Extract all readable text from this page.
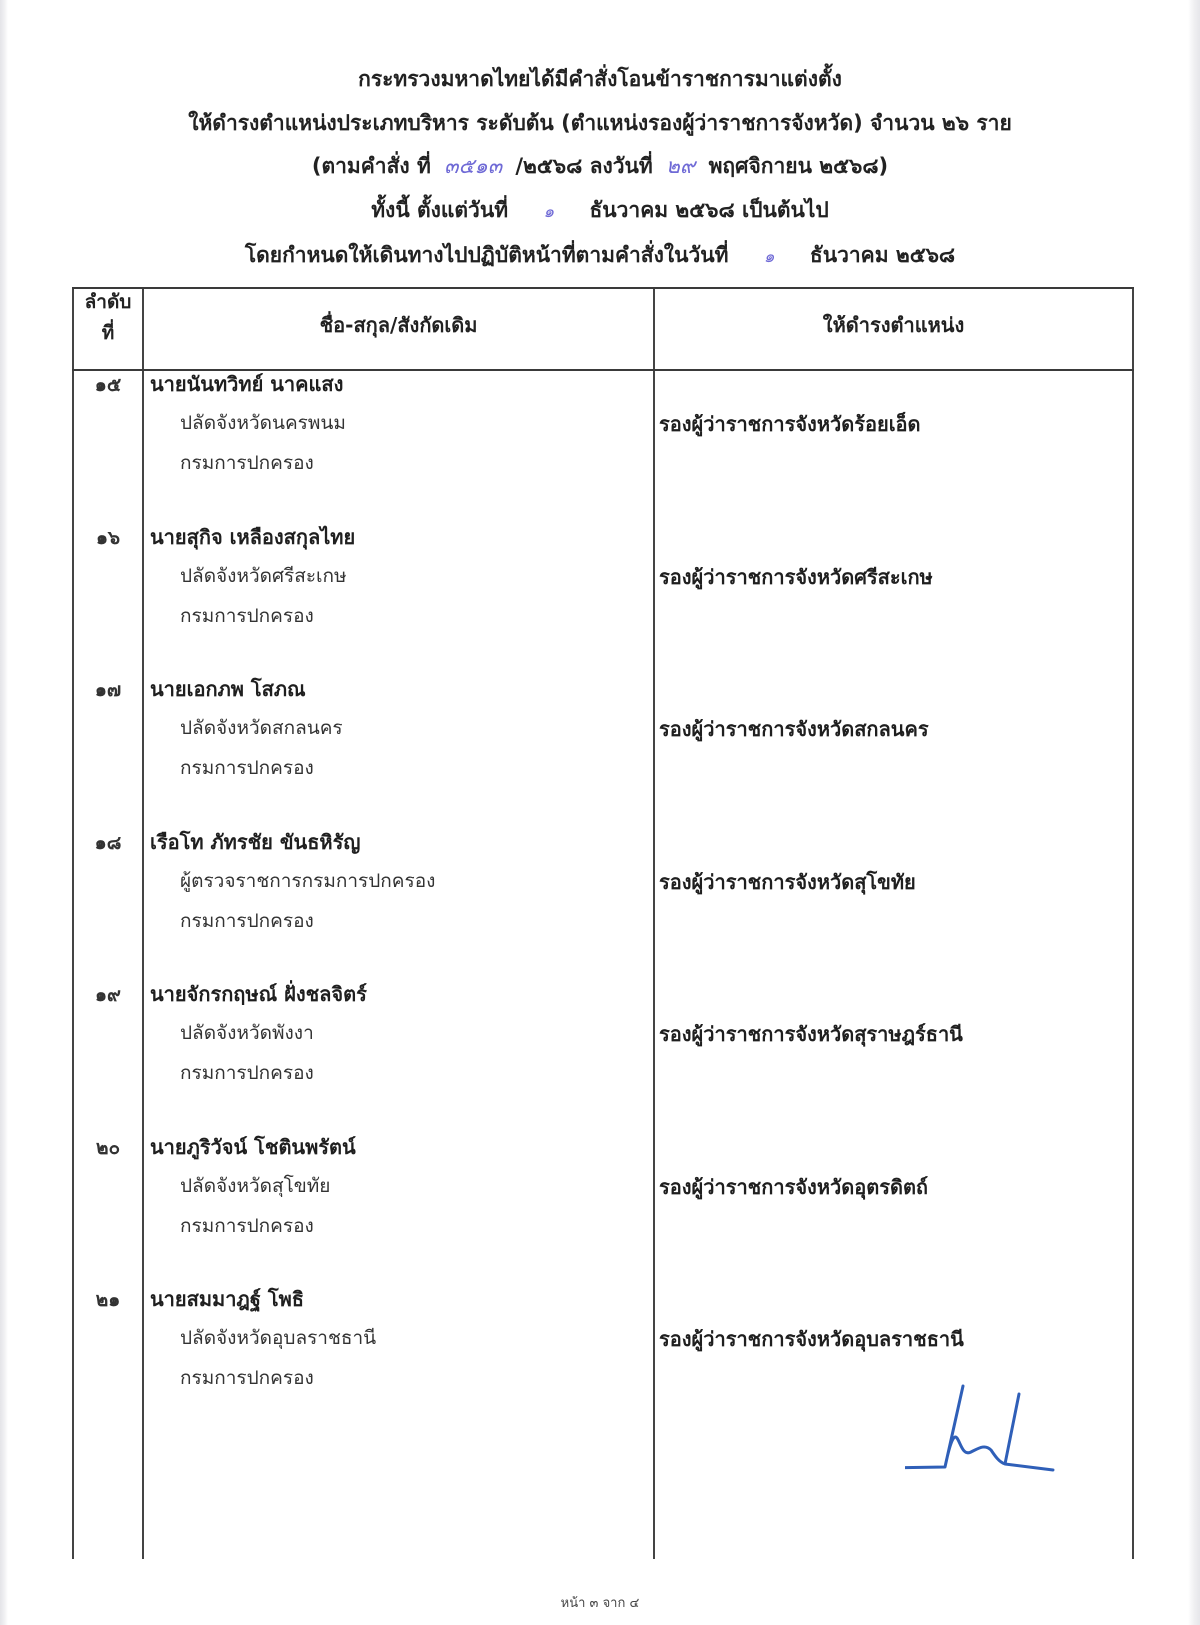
กระทรวงมหาดไทยได้มีคำสั่งโอนข้าราชการมาแต่งตั้ง
ให้ดำรงตำแหน่งประเภทบริหาร ระดับต้น (ตำแหน่งรองผู้ว่าราชการจังหวัด) จำนวน ๒๖ ราย
(ตามคำสั่ง ที่ ๓๕๑๓ /๒๕๖๘ ลงวันที่ ๒๙ พฤศจิกายน ๒๕๖๘)
ทั้งนี้ ตั้งแต่วันที่ ๑ ธันวาคม ๒๕๖๘ เป็นต้นไป
โดยกำหนดให้เดินทางไปปฏิบัติหน้าที่ตามคำสั่งในวันที่ ๑ ธันวาคม ๒๕๖๘
ลำดับ
ที่	ชื่อ-สกุล/สังกัดเดิม	ให้ดำรงตำแหน่ง
๑๕	นายนันทวิทย์ นาคแสง
ปลัดจังหวัดนครพนม
กรมการปกครอง
รองผู้ว่าราชการจังหวัดร้อยเอ็ด
๑๖	นายสุกิจ เหลืองสกุลไทย
ปลัดจังหวัดศรีสะเกษ
กรมการปกครอง
รองผู้ว่าราชการจังหวัดศรีสะเกษ
๑๗	นายเอกภพ โสภณ
ปลัดจังหวัดสกลนคร
กรมการปกครอง
รองผู้ว่าราชการจังหวัดสกลนคร
๑๘	เรือโท ภัทรชัย ขันธหิรัญ
ผู้ตรวจราชการกรมการปกครอง
กรมการปกครอง
รองผู้ว่าราชการจังหวัดสุโขทัย
๑๙	นายจักรกฤษณ์ ฝั่งชลจิตร์
ปลัดจังหวัดพังงา
กรมการปกครอง
รองผู้ว่าราชการจังหวัดสุราษฎร์ธานี
๒๐	นายภูริวัจน์ โชตินพรัตน์
ปลัดจังหวัดสุโขทัย
กรมการปกครอง
รองผู้ว่าราชการจังหวัดอุตรดิตถ์
๒๑	นายสมมาฎฐ์ โพธิ
ปลัดจังหวัดอุบลราชธานี
กรมการปกครอง
รองผู้ว่าราชการจังหวัดอุบลราชธานี
หน้า ๓ จาก ๔
